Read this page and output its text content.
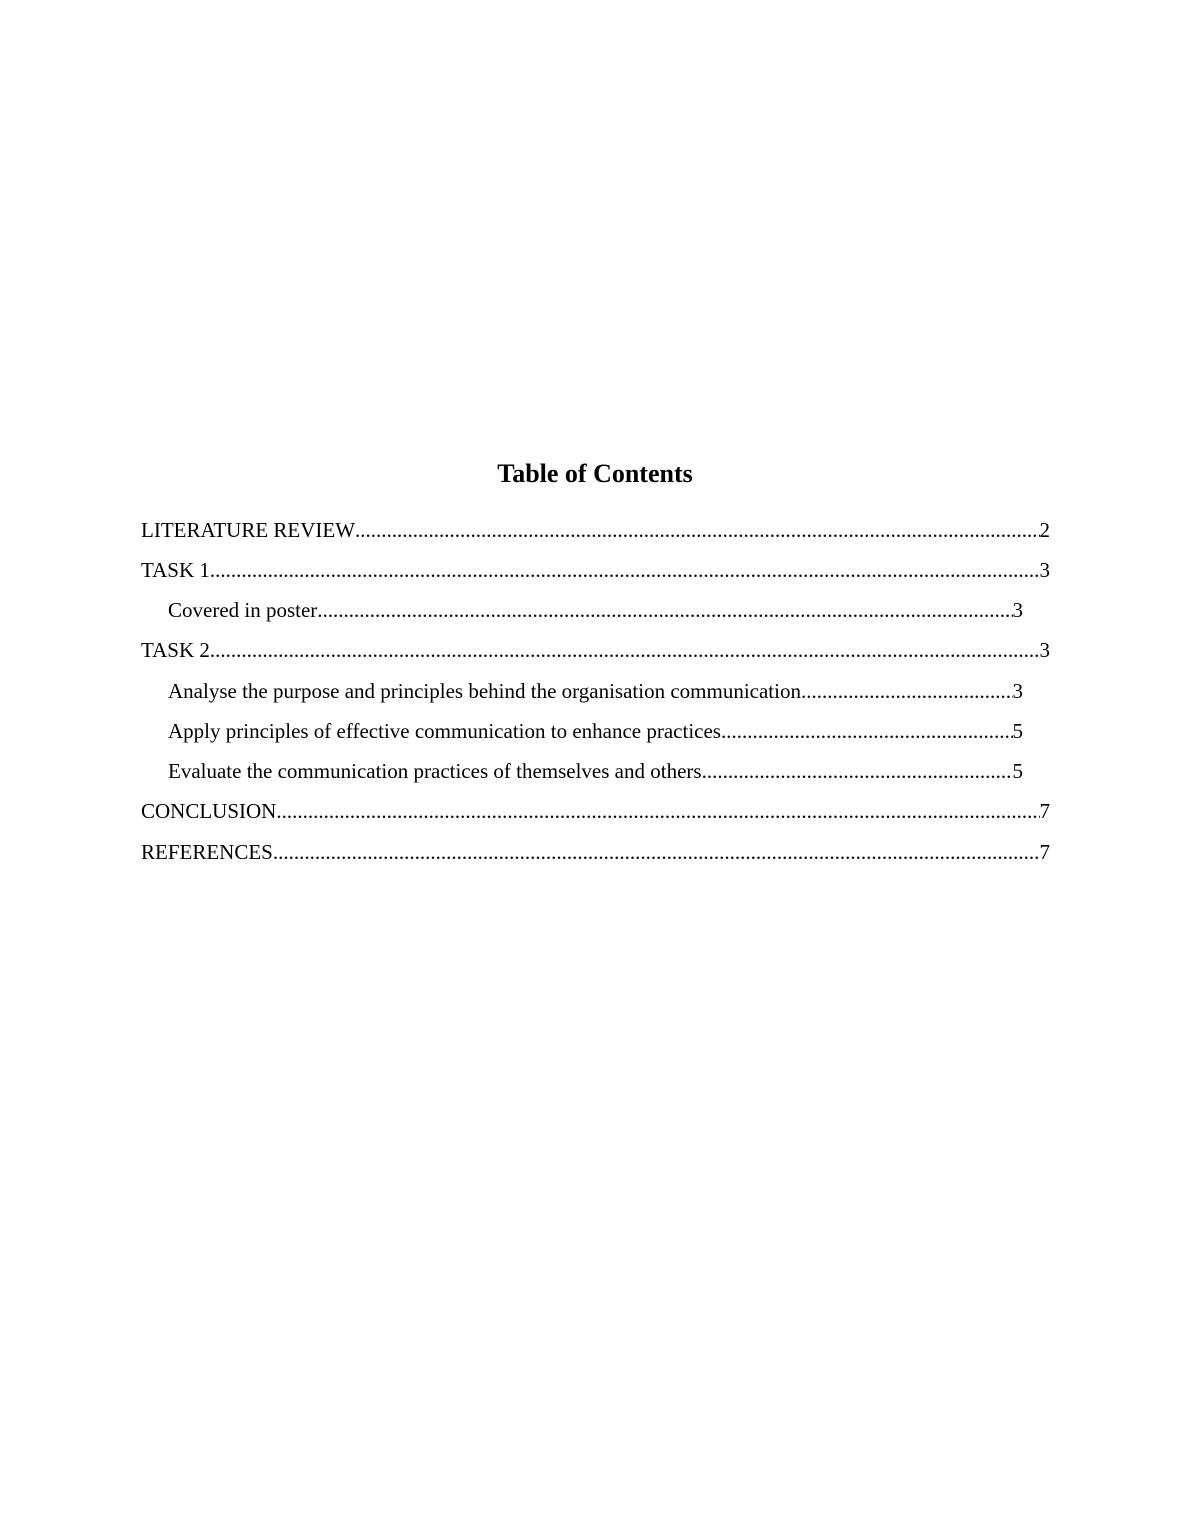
Table of Contents
LITERATURE REVIEW .....	2
TASK 1 .....	3
Covered in poster .....	3
TASK 2 .....	3
Analyse the purpose and principles behind the organisation communication .....	3
Apply principles of effective communication to enhance practices .....	5
Evaluate the communication practices of themselves and others .....	5
CONCLUSION .....	7
REFERENCES .....	7
